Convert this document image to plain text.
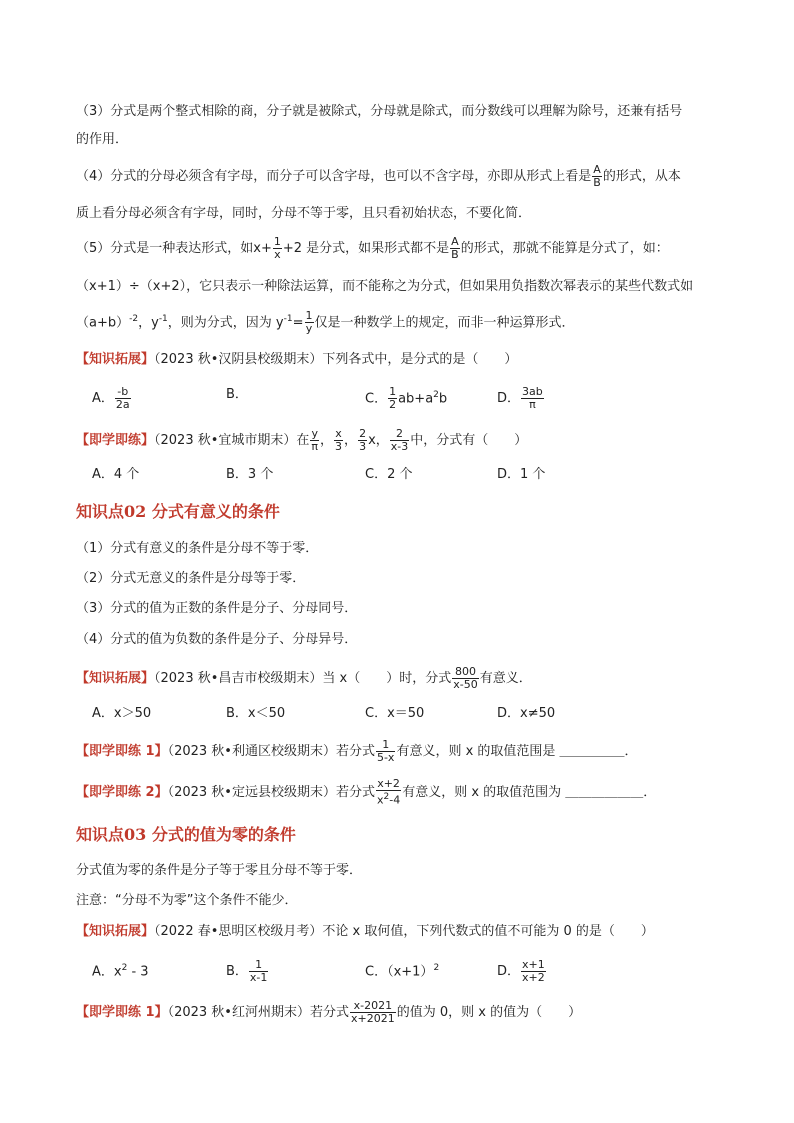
（3）分式是两个整式相除的商，分子就是被除式，分母就是除式，而分数线可以理解为除号，还兼有括号
的作用．
（4）分式的分母必须含有字母，而分子可以含字母，也可以不含字母，亦即从形式上看是 $\frac{A}{B}$ 的形式，从本
质上看分母必须含有字母，同时，分母不等于零，且只看初始状态，不要化简．
（5）分式是一种表达形式，如$x+ \frac{1}{x} +2$ 是分式，如果形式都不是 $\frac{A}{B}$ 的形式，那就不能算是分式了，如：
（x+1）÷（x+2），它只表示一种除法运算，而不能称之为分式，但如果用负指数次幂表示的某些代数式如
$(a+b)^{-2}$，$y^{-1}$，则为分式，因为 $y^{-1}= \frac{1}{y}$ 仅是一种数学上的规定，而非一种运算形式．
【知识拓展】（2023 秋•汉阴县校级期末）下列各式中，是分式的是（　　）
A． $\frac{-b}{2a}$	B．	C． $\frac{1}{2} ab+a^2b$	D． $\frac{3ab}{\pi}$
【即学即练】（2023 秋•宜城市期末）在 $\frac{y}{\pi}$ ， $\frac{x}{3}$ ， $\frac{2}{3}$ x， $\frac{2}{x-3}$ 中，分式有（　　）
A．4 个	B．3 个	C．2 个	D．1 个
知识点02 分式有意义的条件
（1）分式有意义的条件是分母不等于零．
（2）分式无意义的条件是分母等于零．
（3）分式的值为正数的条件是分子、分母同号．
（4）分式的值为负数的条件是分子、分母异号．
【知识拓展】（2023 秋•昌吉市校级期末）当 x（　　）时，分式 $\frac{800}{x-50}$ 有意义．
A．x＞50	B．x＜50	C．x＝50	D．x≠50
【即学即练 1】（2023 秋•利通区校级期末）若分式 $\frac{1}{5-x}$ 有意义，则 x 的取值范围是 ＿＿＿＿＿．
【即学即练 2】（2023 秋•定远县校级期末）若分式 $\frac{x+2}{x^2-4}$ 有意义，则 x 的取值范围为 ＿＿＿＿＿＿．
知识点03 分式的值为零的条件
分式值为零的条件是分子等于零且分母不等于零．
注意：“分母不为零”这个条件不能少．
【知识拓展】（2022 春•思明区校级月考）不论 x 取何值，下列代数式的值不可能为 0 的是（　　）
A．$x^2 - 3$	B． $\frac{1}{x-1}$	C．$(x+1)^2$	D． $\frac{x+1}{x+2}$
【即学即练 1】（2023 秋•红河州期末）若分式 $\frac{x-2021}{x+2021}$ 的值为 0，则 x 的值为（　　）
